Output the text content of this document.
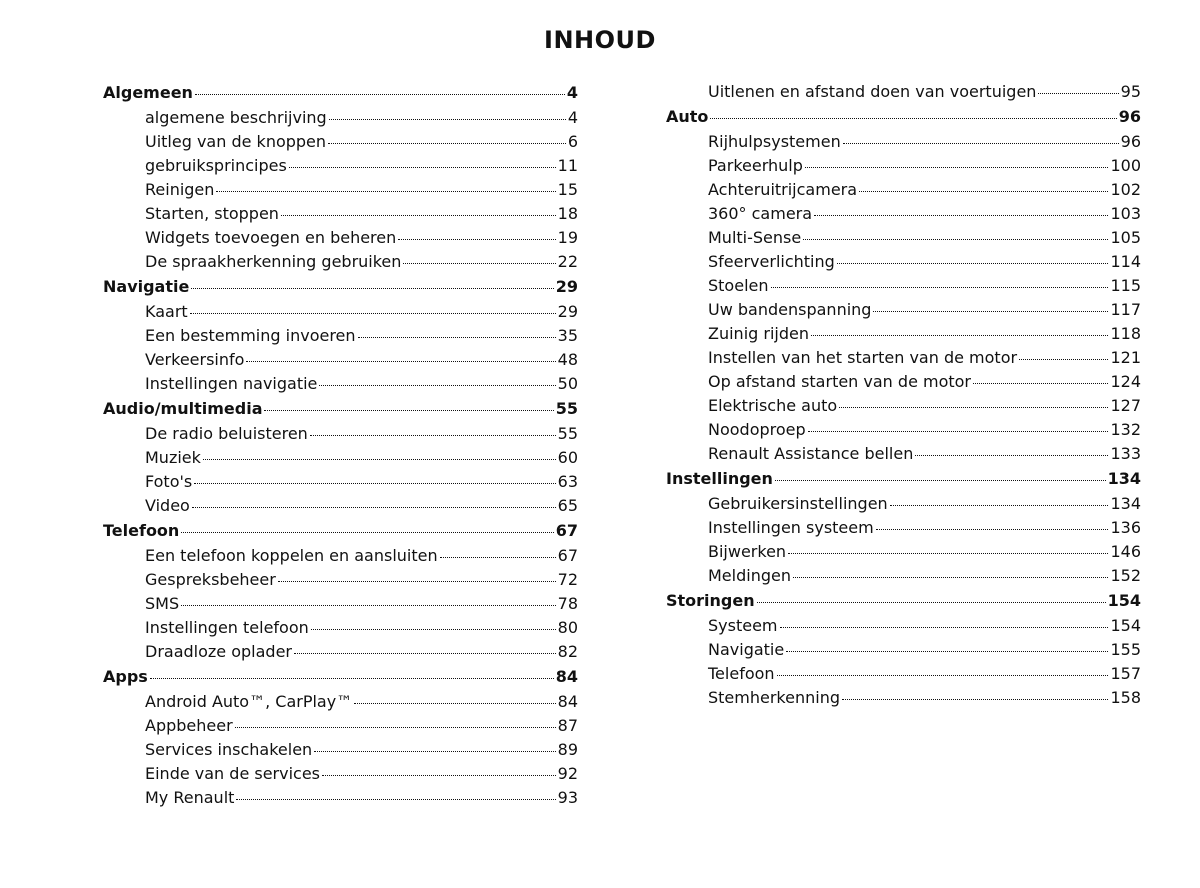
INHOUD
Algemeen	4
algemene beschrijving	4
Uitleg van de knoppen	6
gebruiksprincipes	11
Reinigen	15
Starten, stoppen	18
Widgets toevoegen en beheren	19
De spraakherkenning gebruiken	22
Navigatie	29
Kaart	29
Een bestemming invoeren	35
Verkeersinfo	48
Instellingen navigatie	50
Audio/multimedia	55
De radio beluisteren	55
Muziek	60
Foto's	63
Video	65
Telefoon	67
Een telefoon koppelen en aansluiten	67
Gespreksbeheer	72
SMS	78
Instellingen telefoon	80
Draadloze oplader	82
Apps	84
Android Auto™, CarPlay™	84
Appbeheer	87
Services inschakelen	89
Einde van de services	92
My Renault	93
Uitlenen en afstand doen van voertuigen	95
Auto	96
Rijhulpsystemen	96
Parkeerhulp	100
Achteruitrijcamera	102
360° camera	103
Multi-Sense	105
Sfeerverlichting	114
Stoelen	115
Uw bandenspanning	117
Zuinig rijden	118
Instellen van het starten van de motor	121
Op afstand starten van de motor	124
Elektrische auto	127
Noodoproep	132
Renault Assistance bellen	133
Instellingen	134
Gebruikersinstellingen	134
Instellingen systeem	136
Bijwerken	146
Meldingen	152
Storingen	154
Systeem	154
Navigatie	155
Telefoon	157
Stemherkenning	158
